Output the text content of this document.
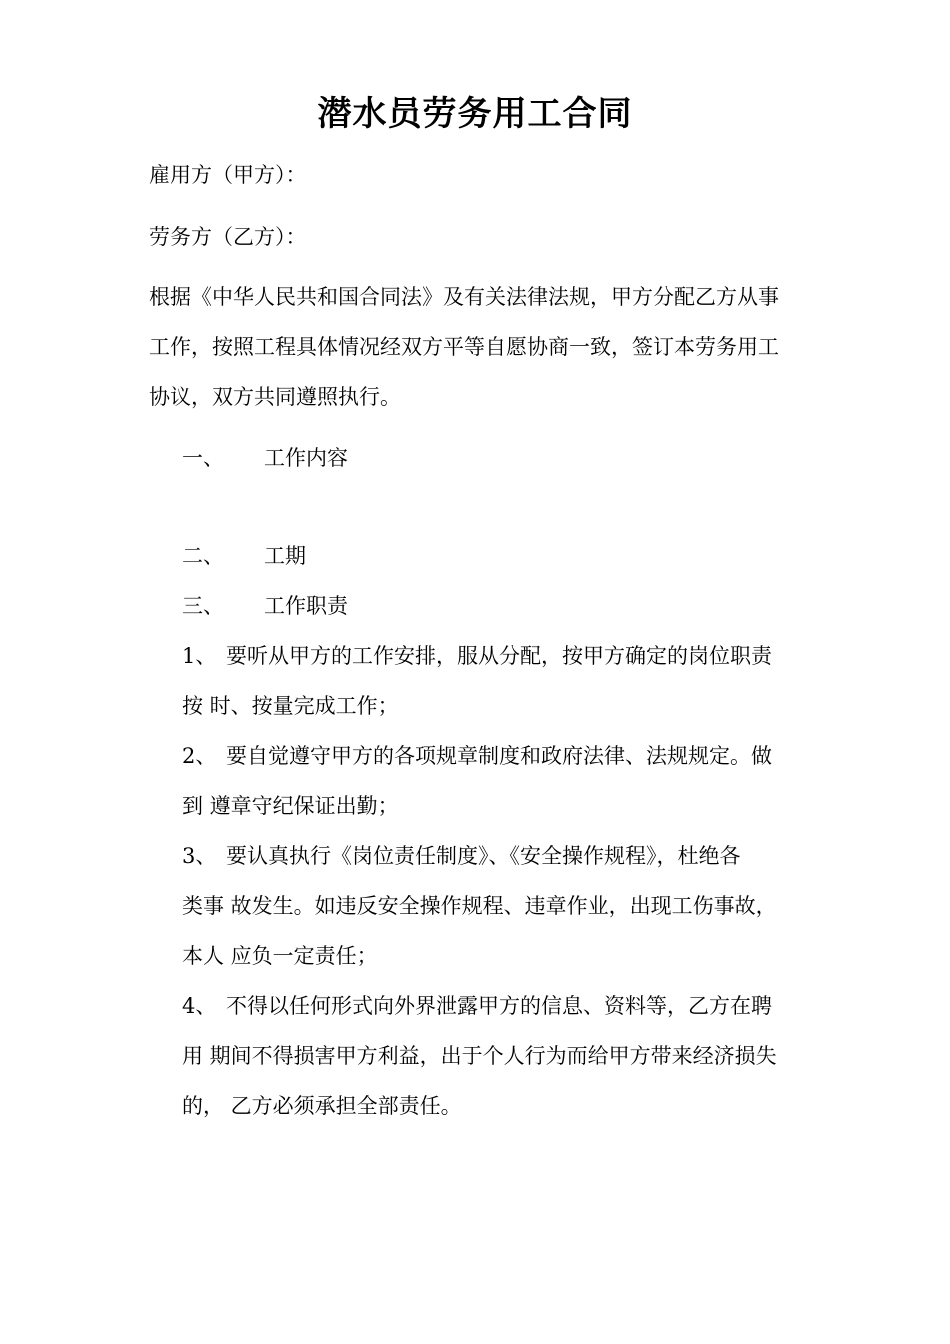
潜水员劳务用工合同
雇用方（甲方）：
劳务方（乙方）：
根据《中华人民共和国合同法》及有关法律法规，甲方分配乙方从事
工作，按照工程具体情况经双方平等自愿协商一致，签订本劳务用工
协议，双方共同遵照执行。
一、 工作内容
二、 工期
三、 工作职责
1、 要听从甲方的工作安排，服从分配，按甲方确定的岗位职责
按 时、按量完成工作；
2、 要自觉遵守甲方的各项规章制度和政府法律、法规规定。做
到 遵章守纪保证出勤；
3、 要认真执行《岗位责任制度》、《安全操作规程》，杜绝各
类事 故发生。如违反安全操作规程、违章作业，出现工伤事故，
本人 应负一定责任；
4、 不得以任何形式向外界泄露甲方的信息、资料等，乙方在聘
用 期间不得损害甲方利益，出于个人行为而给甲方带来经济损失
的， 乙方必须承担全部责任。
